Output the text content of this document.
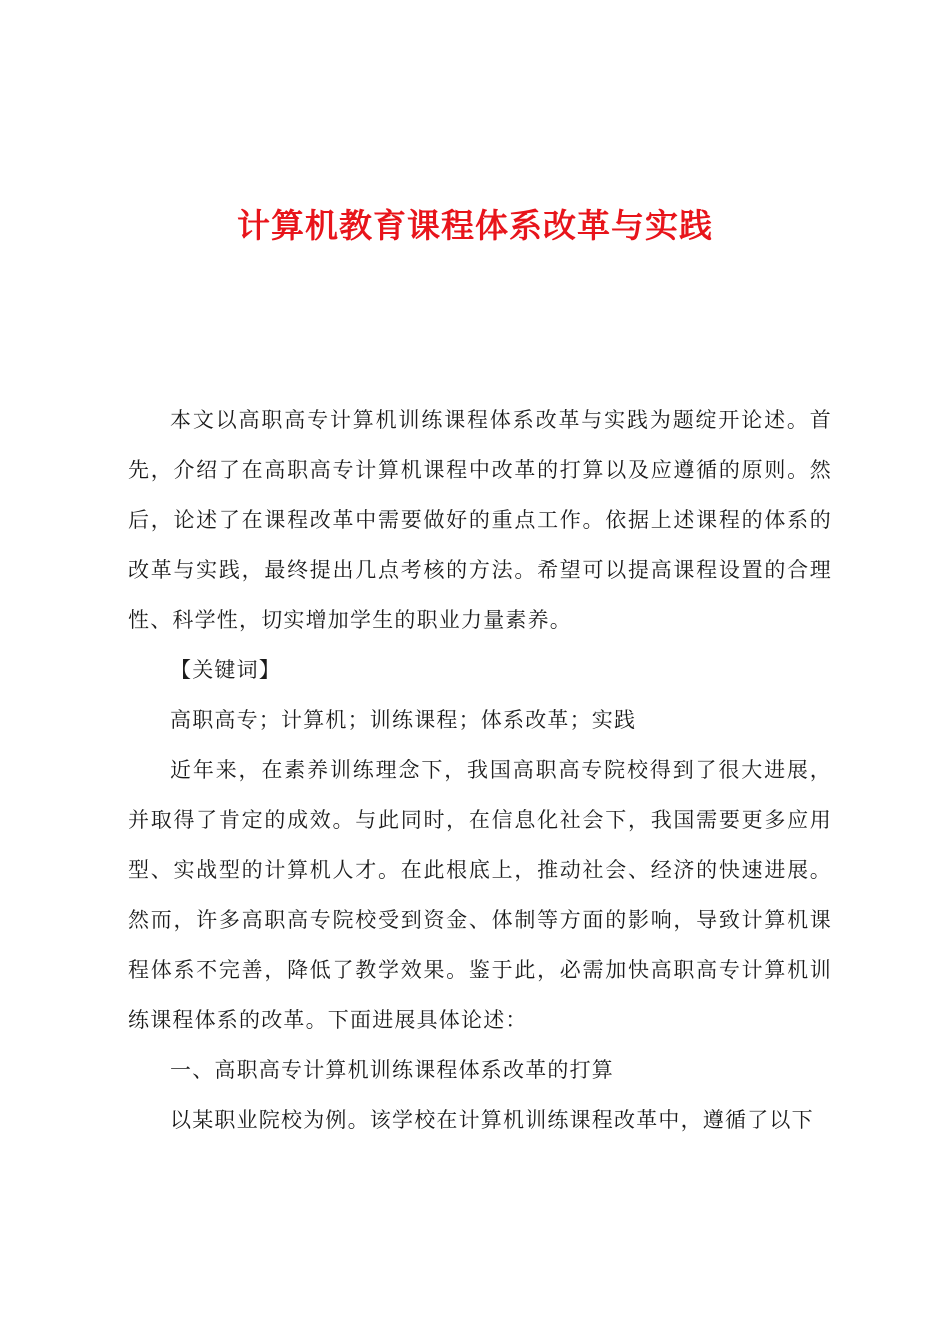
计算机教育课程体系改革与实践

本文以高职高专计算机训练课程体系改革与实践为题绽开论述。首先，介绍了在高职高专计算机课程中改革的打算以及应遵循的原则。然后，论述了在课程改革中需要做好的重点工作。依据上述课程的体系的改革与实践，最终提出几点考核的方法。希望可以提高课程设置的合理性、科学性，切实增加学生的职业力量素养。

【关键词】

高职高专；计算机；训练课程；体系改革；实践

近年来，在素养训练理念下，我国高职高专院校得到了很大进展，并取得了肯定的成效。与此同时，在信息化社会下，我国需要更多应用型、实战型的计算机人才。在此根底上，推动社会、经济的快速进展。然而，许多高职高专院校受到资金、体制等方面的影响，导致计算机课程体系不完善，降低了教学效果。鉴于此，必需加快高职高专计算机训练课程体系的改革。下面进展具体论述：

一、高职高专计算机训练课程体系改革的打算

以某职业院校为例。该学校在计算机训练课程改革中，遵循了以下
